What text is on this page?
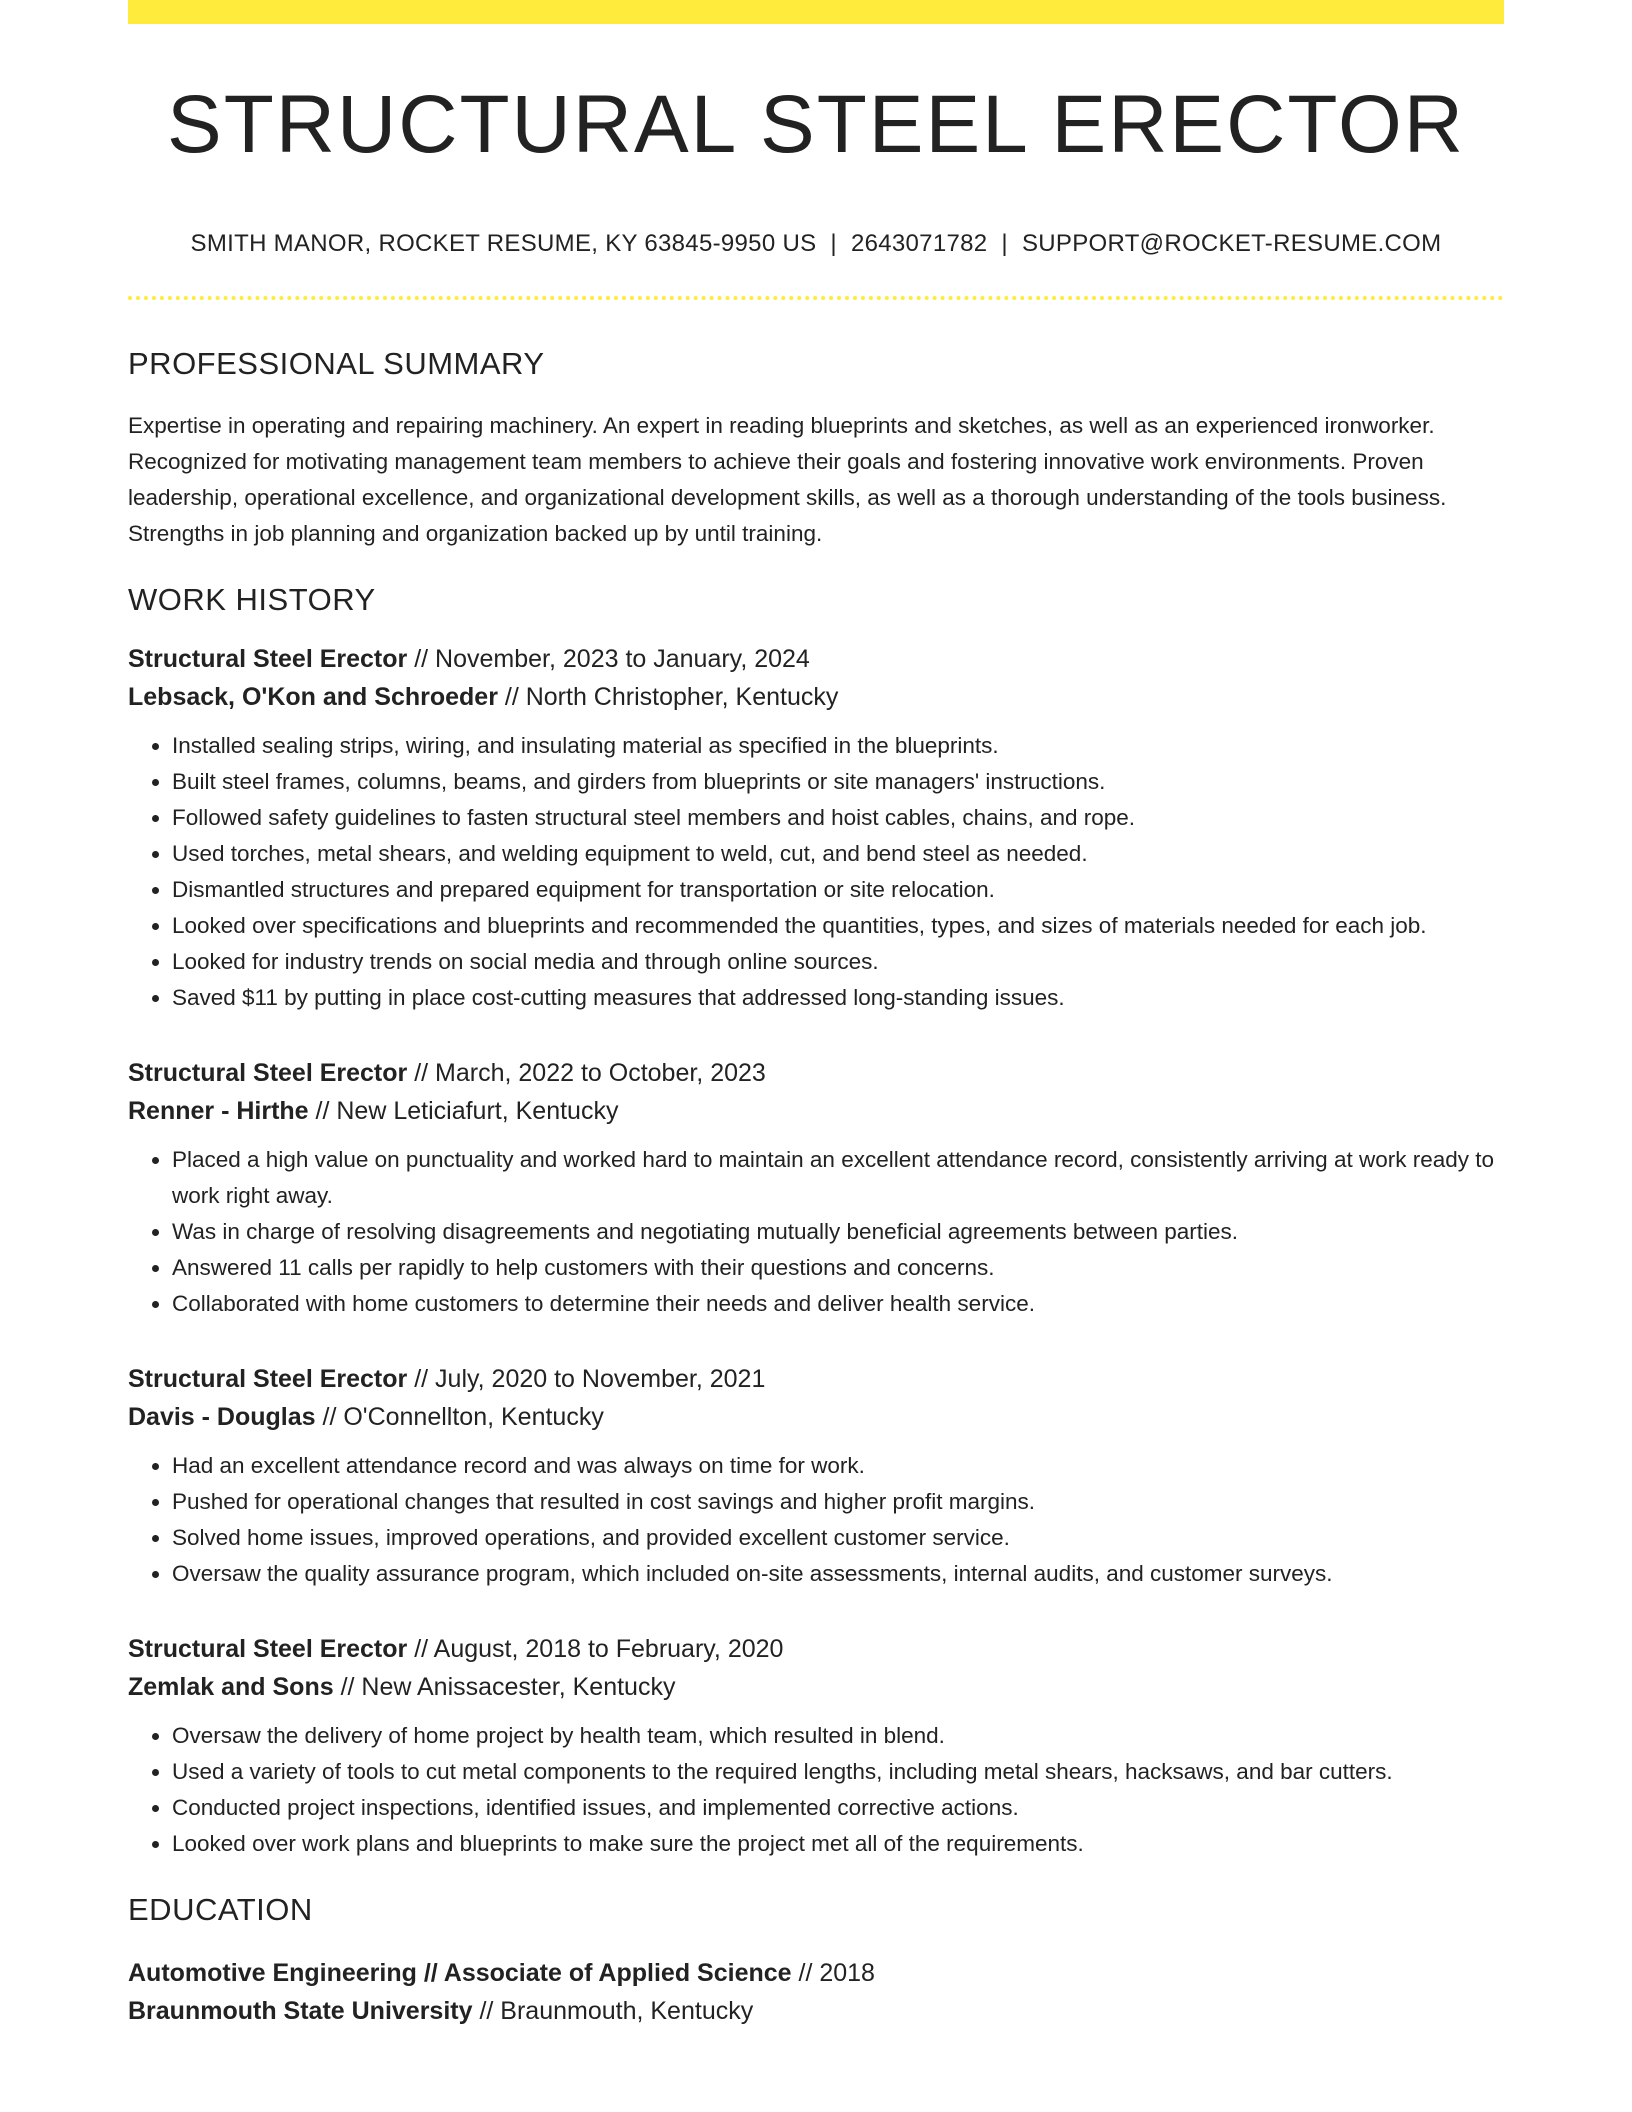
STRUCTURAL STEEL ERECTOR
SMITH MANOR, ROCKET RESUME, KY 63845-9950 US | 2643071782 | SUPPORT@ROCKET-RESUME.COM
PROFESSIONAL SUMMARY

Expertise in operating and repairing machinery. An expert in reading blueprints and sketches, as well as an experienced ironworker. Recognized for motivating management team members to achieve their goals and fostering innovative work environments. Proven leadership, operational excellence, and organizational development skills, as well as a thorough understanding of the tools business. Strengths in job planning and organization backed up by until training.

WORK HISTORY
Structural Steel Erector // November, 2023 to January, 2024
Lebsack, O'Kon and Schroeder // North Christopher, Kentucky
• Installed sealing strips, wiring, and insulating material as specified in the blueprints.
• Built steel frames, columns, beams, and girders from blueprints or site managers' instructions.
• Followed safety guidelines to fasten structural steel members and hoist cables, chains, and rope.
• Used torches, metal shears, and welding equipment to weld, cut, and bend steel as needed.
• Dismantled structures and prepared equipment for transportation or site relocation.
• Looked over specifications and blueprints and recommended the quantities, types, and sizes of materials needed for each job.
• Looked for industry trends on social media and through online sources.
• Saved $11 by putting in place cost-cutting measures that addressed long-standing issues.
Structural Steel Erector // March, 2022 to October, 2023
Renner - Hirthe // New Leticiafurt, Kentucky
• Placed a high value on punctuality and worked hard to maintain an excellent attendance record, consistently arriving at work ready to work right away.
• Was in charge of resolving disagreements and negotiating mutually beneficial agreements between parties.
• Answered 11 calls per rapidly to help customers with their questions and concerns.
• Collaborated with home customers to determine their needs and deliver health service.
Structural Steel Erector // July, 2020 to November, 2021
Davis - Douglas // O'Connellton, Kentucky
• Had an excellent attendance record and was always on time for work.
• Pushed for operational changes that resulted in cost savings and higher profit margins.
• Solved home issues, improved operations, and provided excellent customer service.
• Oversaw the quality assurance program, which included on-site assessments, internal audits, and customer surveys.
Structural Steel Erector // August, 2018 to February, 2020
Zemlak and Sons // New Anissacester, Kentucky
• Oversaw the delivery of home project by health team, which resulted in blend.
• Used a variety of tools to cut metal components to the required lengths, including metal shears, hacksaws, and bar cutters.
• Conducted project inspections, identified issues, and implemented corrective actions.
• Looked over work plans and blueprints to make sure the project met all of the requirements.
EDUCATION
Automotive Engineering // Associate of Applied Science // 2018
Braunmouth State University // Braunmouth, Kentucky
